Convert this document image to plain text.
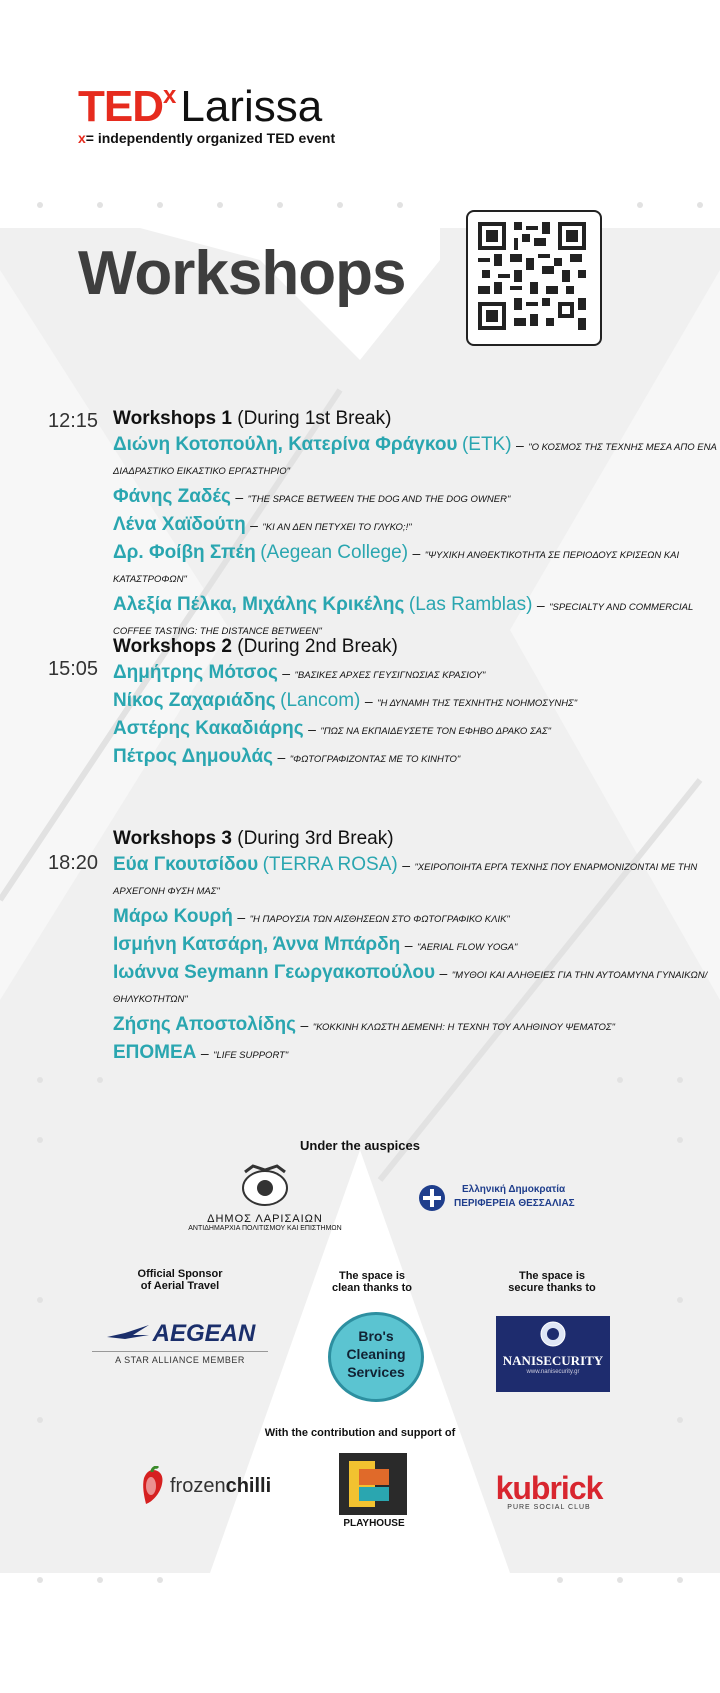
TEDxLarissa
x= independently organized TED event
Workshops
12:15 Workshops 1 (During 1st Break)
Διώνη Κοτοπούλη, Κατερίνα Φράγκου (ETK) – "Ο ΚΟΣΜΟΣ ΤΗΣ ΤΕΧΝΗΣ ΜΕΣΑ ΑΠΟ ΕΝΑ ΔΙΑΔΡΑΣΤΙΚΟ ΕΙΚΑΣΤΙΚΟ ΕΡΓΑΣΤΗΡΙΟ"
Φάνης Ζαδές – "THE SPACE BETWEEN THE DOG AND THE DOG OWNER"
Λένα Χαϊδούτη – "ΚΙ ΑΝ ΔΕΝ ΠΕΤΥΧΕΙ ΤΟ ΓΛΥΚΟ;!"
Δρ. Φοίβη Σπέη (Aegean College) – "ΨΥΧΙΚΗ ΑΝΘΕΚΤΙΚΟΤΗΤΑ ΣΕ ΠΕΡΙΟΔΟΥΣ ΚΡΙΣΕΩΝ ΚΑΙ ΚΑΤΑΣΤΡΟΦΩΝ"
Αλεξία Πέλκα, Μιχάλης Κρικέλης (Las Ramblas) – "SPECIALTY AND COMMERCIAL COFFEE TASTING: THE DISTANCE BETWEEN"
15:05
Workshops 2 (During 2nd Break)
Δημήτρης Μότσος – "ΒΑΣΙΚΕΣ ΑΡΧΕΣ ΓΕΥΣΙΓΝΩΣΙΑΣ ΚΡΑΣΙΟΥ"
Νίκος Ζαχαριάδης (Lancom) – "Η ΔΥΝΑΜΗ ΤΗΣ ΤΕΧΝΗΤΗΣ ΝΟΗΜΟΣΥΝΗΣ"
Αστέρης Κακαδιάρης – "ΠΩΣ ΝΑ ΕΚΠΑΙΔΕΥΣΕΤΕ ΤΟΝ ΕΦΗΒΟ ΔΡΑΚΟ ΣΑΣ"
Πέτρος Δημουλάς – "ΦΩΤΟΓΡΑΦΙΖΟΝΤΑΣ ΜΕ ΤΟ ΚΙΝΗΤΟ"
18:20
Workshops 3 (During 3rd Break)
Εύα Γκουτσίδου (TERRA ROSA) – "ΧΕΙΡΟΠΟΙΗΤΑ ΕΡΓΑ ΤΕΧΝΗΣ ΠΟΥ ΕΝΑΡΜΟΝΙΖΟΝΤΑΙ ΜΕ ΤΗΝ ΑΡΧΕΓΟΝΗ ΦΥΣΗ ΜΑΣ"
Μάρω Κουρή – "Η ΠΑΡΟΥΣΙΑ ΤΩΝ ΑΙΣΘΗΣΕΩΝ ΣΤΟ ΦΩΤΟΓΡΑΦΙΚΟ ΚΛΙΚ"
Ισμήνη Κατσάρη, Άννα Μπάρδη – "AERIAL FLOW YOGA"
Ιωάννα Seymann Γεωργακοπούλου – "ΜΥΘΟΙ ΚΑΙ ΑΛΗΘΕΙΕΣ ΓΙΑ ΤΗΝ ΑΥΤΟΑΜΥΝΑ ΓΥΝΑΙΚΩΝ/ΘΗΛΥΚΟΤΗΤΩΝ"
Ζήσης Αποστολίδης – "ΚΟΚΚΙΝΗ ΚΛΩΣΤΗ ΔΕΜΕΝΗ: Η ΤΕΧΝΗ ΤΟΥ ΑΛΗΘΙΝΟΥ ΨΕΜΑΤΟΣ"
ΕΠΟΜΕΑ – "LIFE SUPPORT"
Under the auspices
ΔΗΜΟΣ ΛΑΡΙΣΑΙΩΝ
ΑΝΤΙΔΗΜΑΡΧΙΑ ΠΟΛΙΤΙΣΜΟΥ ΚΑΙ ΕΠΙΣΤΗΜΩΝ
Ελληνική Δημοκρατία
ΠΕΡΙΦΕΡΕΙΑ ΘΕΣΣΑΛΙΑΣ
Official Sponsor
of Aerial Travel
The space is
clean thanks to
The space is
secure thanks to
AEGEAN
A STAR ALLIANCE MEMBER
Bro's
Cleaning
Services
NANISECURITY
www.nanisecurity.gr
With the contribution and support of
frozen chilli
PLAYHOUSE
kubrick
PURE SOCIAL CLUB
